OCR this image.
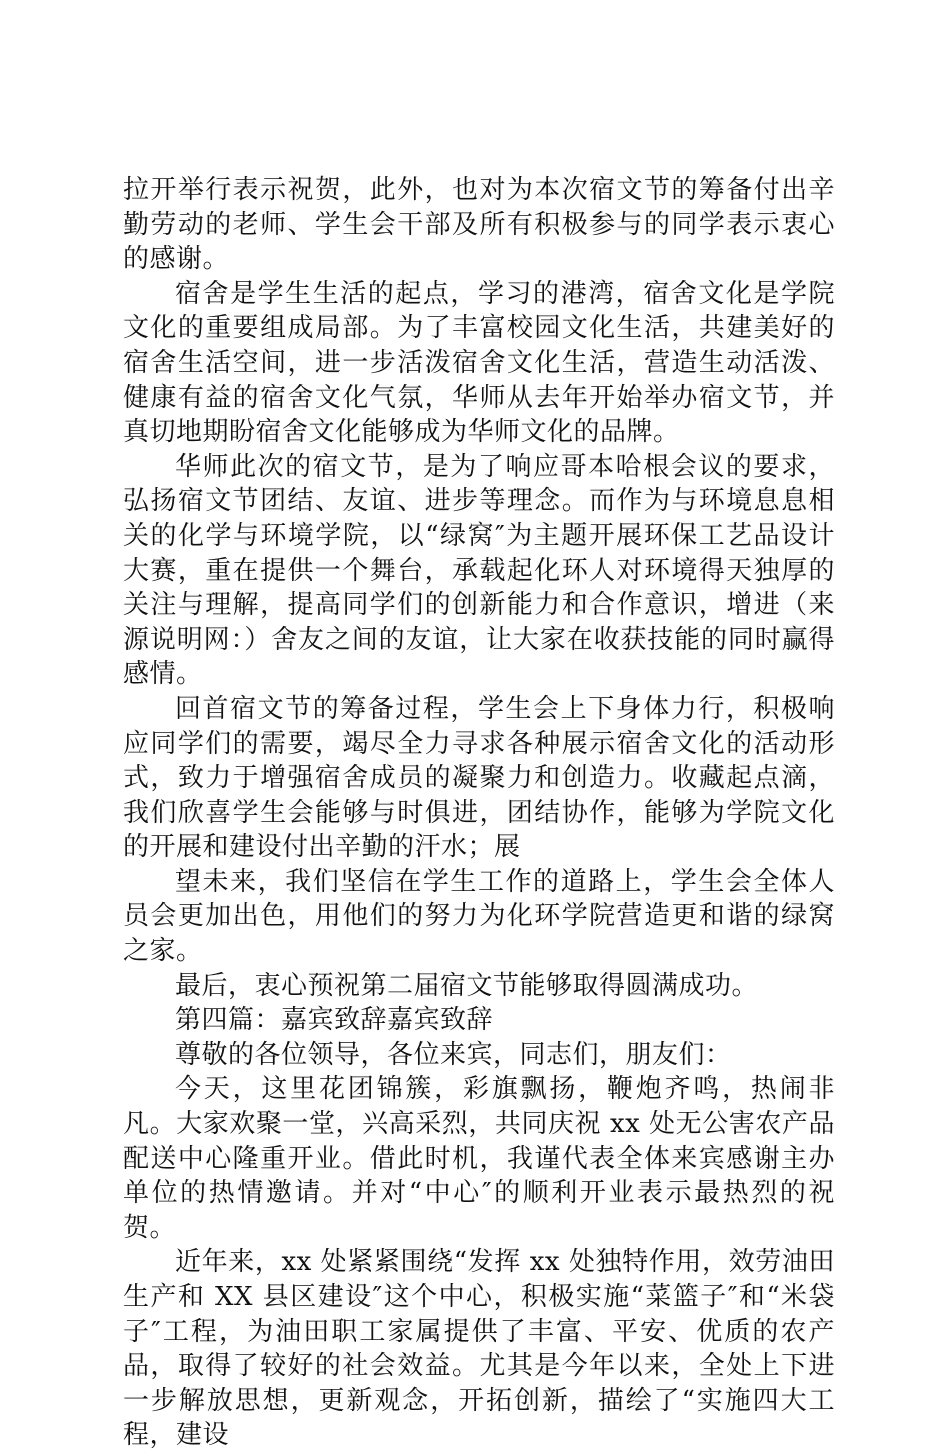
拉开举行表示祝贺，此外，也对为本次宿文节的筹备付出辛勤劳动的老师、学生会干部及所有积极参与的同学表示衷心的感谢。

宿舍是学生生活的起点，学习的港湾，宿舍文化是学院文化的重要组成局部。为了丰富校园文化生活，共建美好的宿舍生活空间，进一步活泼宿舍文化生活，营造生动活泼、健康有益的宿舍文化气氛，华师从去年开始举办宿文节，并真切地期盼宿舍文化能够成为华师文化的品牌。

华师此次的宿文节，是为了响应哥本哈根会议的要求，弘扬宿文节团结、友谊、进步等理念。而作为与环境息息相关的化学与环境学院，以“绿窝″为主题开展环保工艺品设计大赛，重在提供一个舞台，承载起化环人对环境得天独厚的关注与理解，提高同学们的创新能力和合作意识，增进（来源说明网：）舍友之间的友谊，让大家在收获技能的同时赢得感情。

回首宿文节的筹备过程，学生会上下身体力行，积极响应同学们的需要，竭尽全力寻求各种展示宿舍文化的活动形式，致力于增强宿舍成员的凝聚力和创造力。收藏起点滴，我们欣喜学生会能够与时俱进，团结协作，能够为学院文化的开展和建设付出辛勤的汗水；展

望未来，我们坚信在学生工作的道路上，学生会全体人员会更加出色，用他们的努力为化环学院营造更和谐的绿窝之家。

最后，衷心预祝第二届宿文节能够取得圆满成功。

第四篇：嘉宾致辞嘉宾致辞

尊敬的各位领导，各位来宾，同志们，朋友们：

今天，这里花团锦簇，彩旗飘扬，鞭炮齐鸣，热闹非凡。大家欢聚一堂，兴高采烈，共同庆祝 xx 处无公害农产品配送中心隆重开业。借此时机，我谨代表全体来宾感谢主办单位的热情邀请。并对“中心″的顺利开业表示最热烈的祝贺。

近年来，xx 处紧紧围绕“发挥 xx 处独特作用，效劳油田生产和 XX 县区建设″这个中心，积极实施“菜篮子″和“米袋子″工程，为油田职工家属提供了丰富、平安、优质的农产品，取得了较好的社会效益。尤其是今年以来，全处上下进一步解放思想，更新观念，开拓创新，描绘了“实施四大工程，建设
